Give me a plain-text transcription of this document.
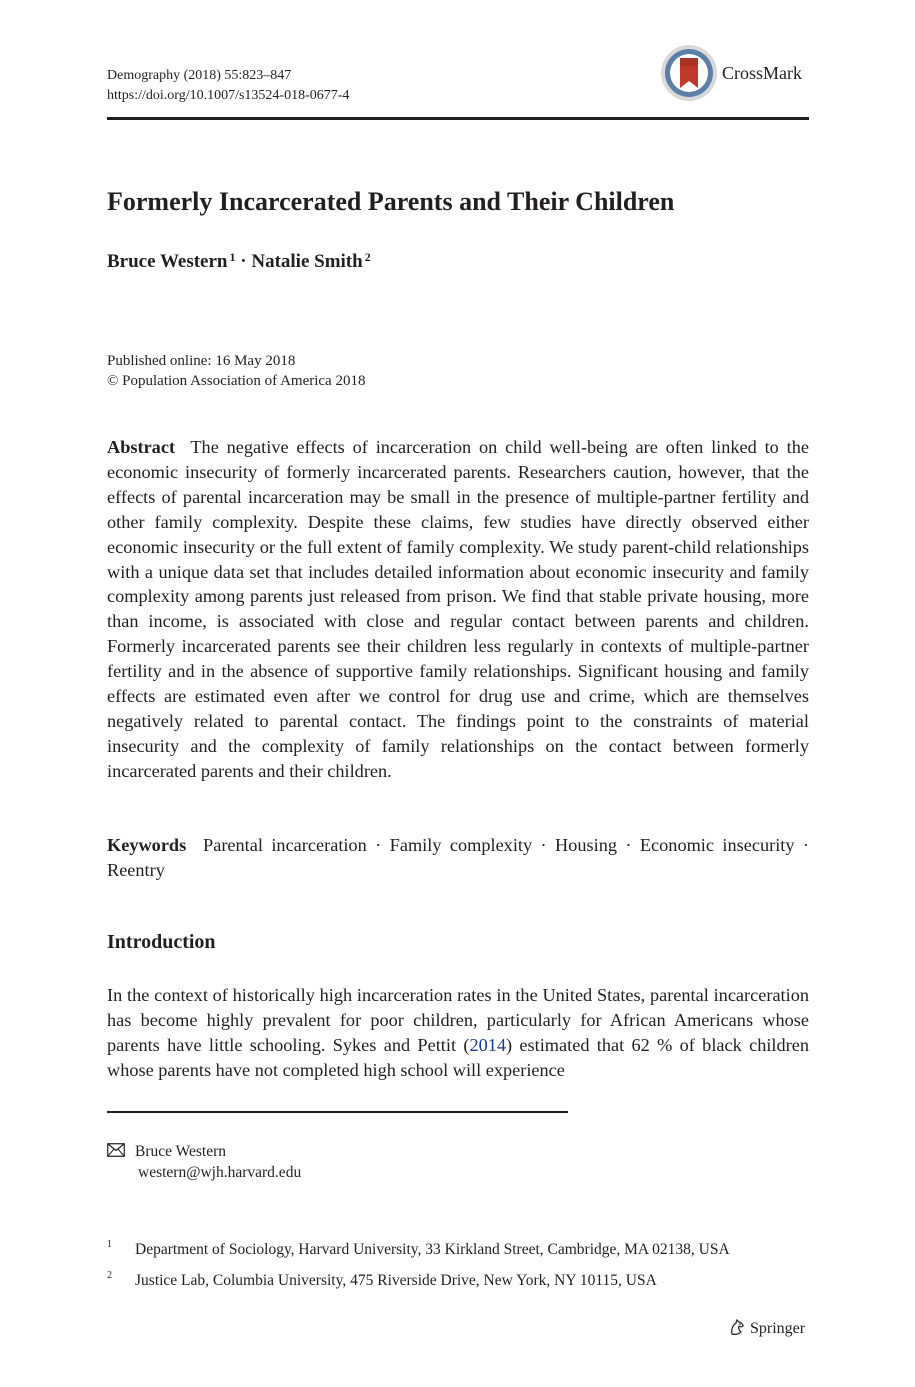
Demography (2018) 55:823–847
https://doi.org/10.1007/s13524-018-0677-4
CrossMark
Formerly Incarcerated Parents and Their Children
Bruce Western $^1$ · Natalie Smith $^2$
Published online: 16 May 2018
© Population Association of America 2018
Abstract The negative effects of incarceration on child well-being are often linked to the economic insecurity of formerly incarcerated parents. Researchers caution, however, that the effects of parental incarceration may be small in the presence of multiple-partner fertility and other family complexity. Despite these claims, few studies have directly observed either economic insecurity or the full extent of family complexity. We study parent-child relationships with a unique data set that includes detailed information about economic insecurity and family complexity among parents just released from prison. We find that stable private housing, more than income, is associated with close and regular contact between parents and children. Formerly incarcerated parents see their children less regularly in contexts of multiple-partner fertility and in the absence of supportive family relationships. Significant housing and family effects are estimated even after we control for drug use and crime, which are themselves negatively related to parental contact. The findings point to the constraints of material insecurity and the complexity of family relationships on the contact between formerly incarcerated parents and their children.
Keywords Parental incarceration · Family complexity · Housing · Economic insecurity · Reentry
Introduction
In the context of historically high incarceration rates in the United States, parental incarceration has become highly prevalent for poor children, particularly for African Americans whose parents have little schooling. Sykes and Pettit (2014) estimated that 62 % of black children whose parents have not completed high school will experience
Bruce Western
western@wjh.harvard.edu
$^1$ Department of Sociology, Harvard University, 33 Kirkland Street, Cambridge, MA 02138, USA
$^2$ Justice Lab, Columbia University, 475 Riverside Drive, New York, NY 10115, USA
Springer
